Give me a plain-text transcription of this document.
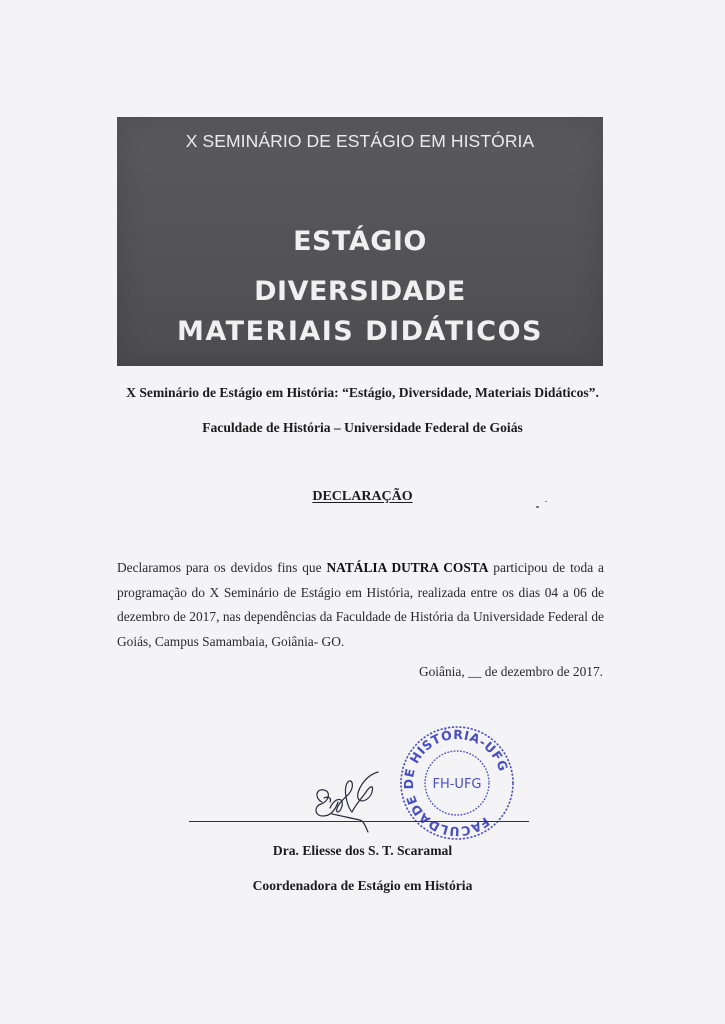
X SEMINÁRIO DE ESTÁGIO EM HISTÓRIA
ESTÁGIO
DIVERSIDADE
MATERIAIS DIDÁTICOS
X Seminário de Estágio em História: “Estágio, Diversidade, Materiais Didáticos”.
Faculdade de História – Universidade Federal de Goiás
DECLARAÇÃO
Declaramos para os devidos fins que NATÁLIA DUTRA COSTA participou de toda a programação do X Seminário de Estágio em História, realizada entre os dias 04 a 06 de dezembro de 2017, nas dependências da Faculdade de História da Universidade Federal de Goiás, Campus Samambaia, Goiânia- GO.
Goiânia, __ de dezembro de 2017.
FACULDADE DE HISTÓRIA-UFG
FH-UFG
Dra. Eliesse dos S. T. Scaramal
Coordenadora de Estágio em História
